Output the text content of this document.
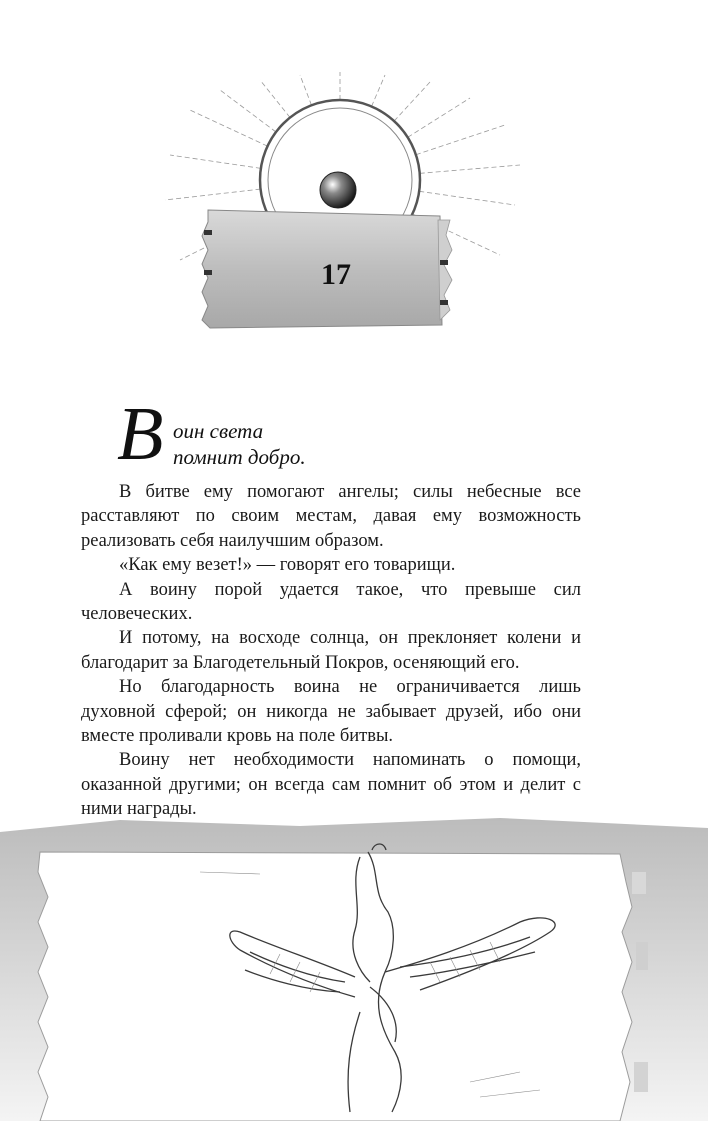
17
В оин света
помнит добро.

В битве ему помогают ангелы; силы небесные все расставляют по своим местам, давая ему возможность реализовать себя наилучшим образом.

«Как ему везет!» — говорят его товарищи.

А воину порой удается такое, что превыше сил человеческих.

И потому, на восходе солнца, он преклоняет колени и благодарит за Благодетельный Покров, осеняющий его.

Но благодарность воина не ограничивается лишь духовной сферой; он никогда не забывает друзей, ибо они вместе проливали кровь на поле битвы.

Воину нет необходимости напоминать о помощи, оказанной другими; он всегда сам помнит об этом и делит с ними награды.
